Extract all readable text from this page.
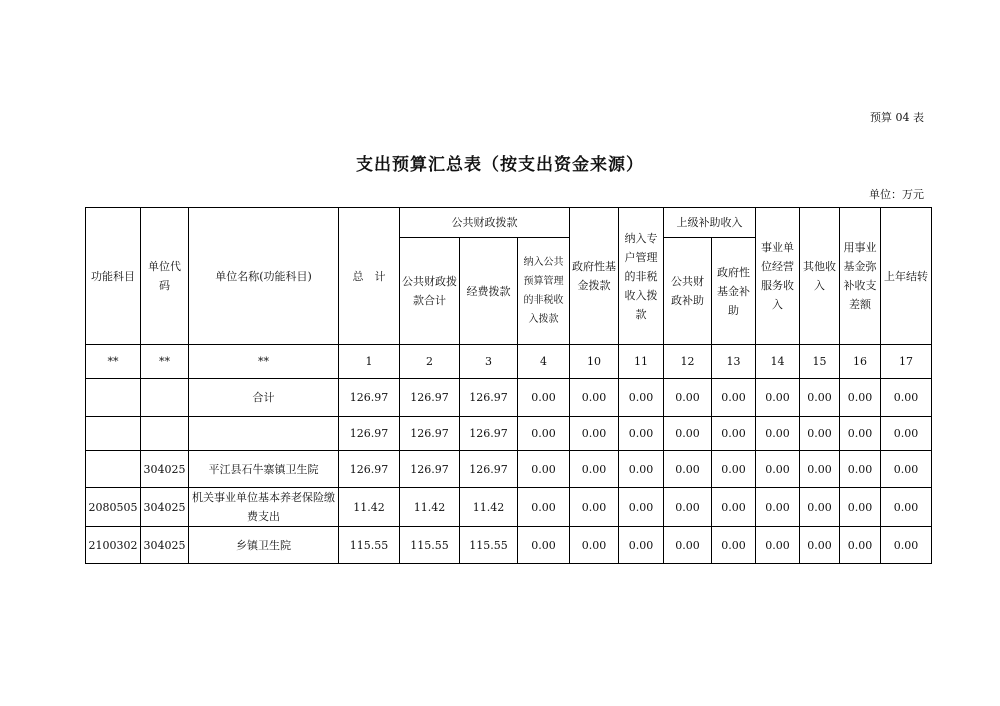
预算 04 表
支出预算汇总表（按支出资金来源）
单位：万元
功能科目	单位代码	单位名称(功能科目)	总　计	公共财政拨款			政府性基金拨款	纳入专户管理的非税收入拨款	上级补助收入		事业单位经营服务收入	其他收入	用事业基金弥补收支差额	上年结转
				公共财政拨款合计	经费拨款	纳入公共预算管理的非税收入拨款			公共财政补助	政府性基金补助				
**	**	**	1	2	3	4	10	11	12	13	14	15	16	17
		合计	126.97	126.97	126.97	0.00	0.00	0.00	0.00	0.00	0.00	0.00	0.00	0.00
			126.97	126.97	126.97	0.00	0.00	0.00	0.00	0.00	0.00	0.00	0.00	0.00
	304025	平江县石牛寨镇卫生院	126.97	126.97	126.97	0.00	0.00	0.00	0.00	0.00	0.00	0.00	0.00	0.00
2080505	304025	机关事业单位基本养老保险缴费支出	11.42	11.42	11.42	0.00	0.00	0.00	0.00	0.00	0.00	0.00	0.00	0.00
2100302	304025	乡镇卫生院	115.55	115.55	115.55	0.00	0.00	0.00	0.00	0.00	0.00	0.00	0.00	0.00
